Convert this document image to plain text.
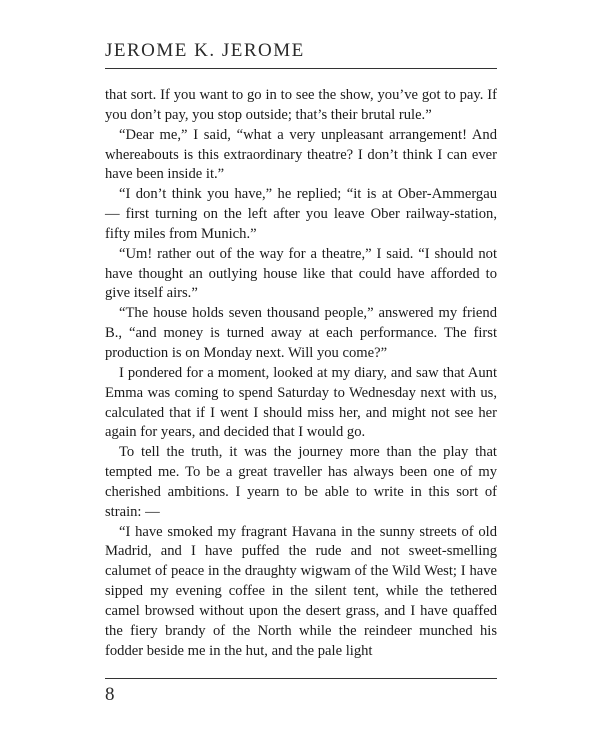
JEROME K. JEROME

that sort. If you want to go in to see the show, you’ve got to pay. If you don’t pay, you stop outside; that’s their brutal rule.”

“Dear me,” I said, “what a very unpleasant arrangement! And whereabouts is this extraordinary theatre? I don’t think I can ever have been inside it.”

“I don’t think you have,” he replied; “it is at Ober-Ammergau — first turning on the left after you leave Ober railway-station, fifty miles from Munich.”

“Um! rather out of the way for a theatre,” I said. “I should not have thought an outlying house like that could have afforded to give itself airs.”

“The house holds seven thousand people,” answered my friend B., “and money is turned away at each performance. The first production is on Monday next. Will you come?”

I pondered for a moment, looked at my diary, and saw that Aunt Emma was coming to spend Saturday to Wednesday next with us, calculated that if I went I should miss her, and might not see her again for years, and decided that I would go.

To tell the truth, it was the journey more than the play that tempted me. To be a great traveller has always been one of my cherished ambitions. I yearn to be able to write in this sort of strain: —

“I have smoked my fragrant Havana in the sunny streets of old Madrid, and I have puffed the rude and not sweet-smelling calumet of peace in the draughty wigwam of the Wild West; I have sipped my evening coffee in the silent tent, while the tethered camel browsed without upon the desert grass, and I have quaffed the fiery brandy of the North while the reindeer munched his fodder beside me in the hut, and the pale light

8
